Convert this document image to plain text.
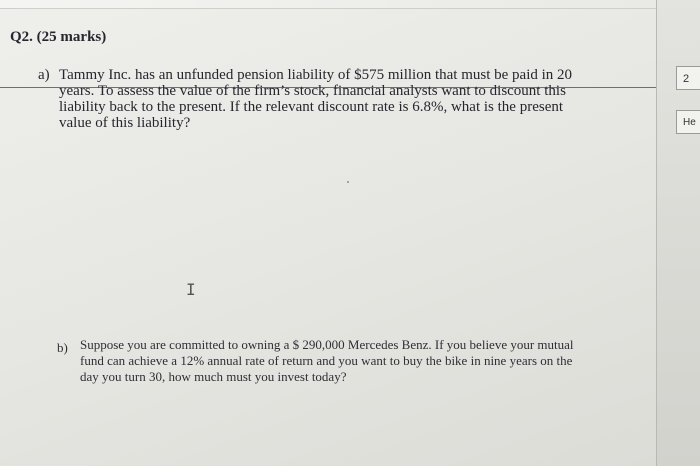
Q2. (25 marks)
a) Tammy Inc. has an unfunded pension liability of $575 million that must be paid in 20 years. To assess the value of the firm’s stock, financial analysts want to discount this liability back to the present. If the relevant discount rate is 6.8%, what is the present value of this liability?
I
b) Suppose you are committed to owning a $ 290,000 Mercedes Benz. If you believe your mutual fund can achieve a 12% annual rate of return and you want to buy the bike in nine years on the day you turn 30, how much must you invest today?
2
He
